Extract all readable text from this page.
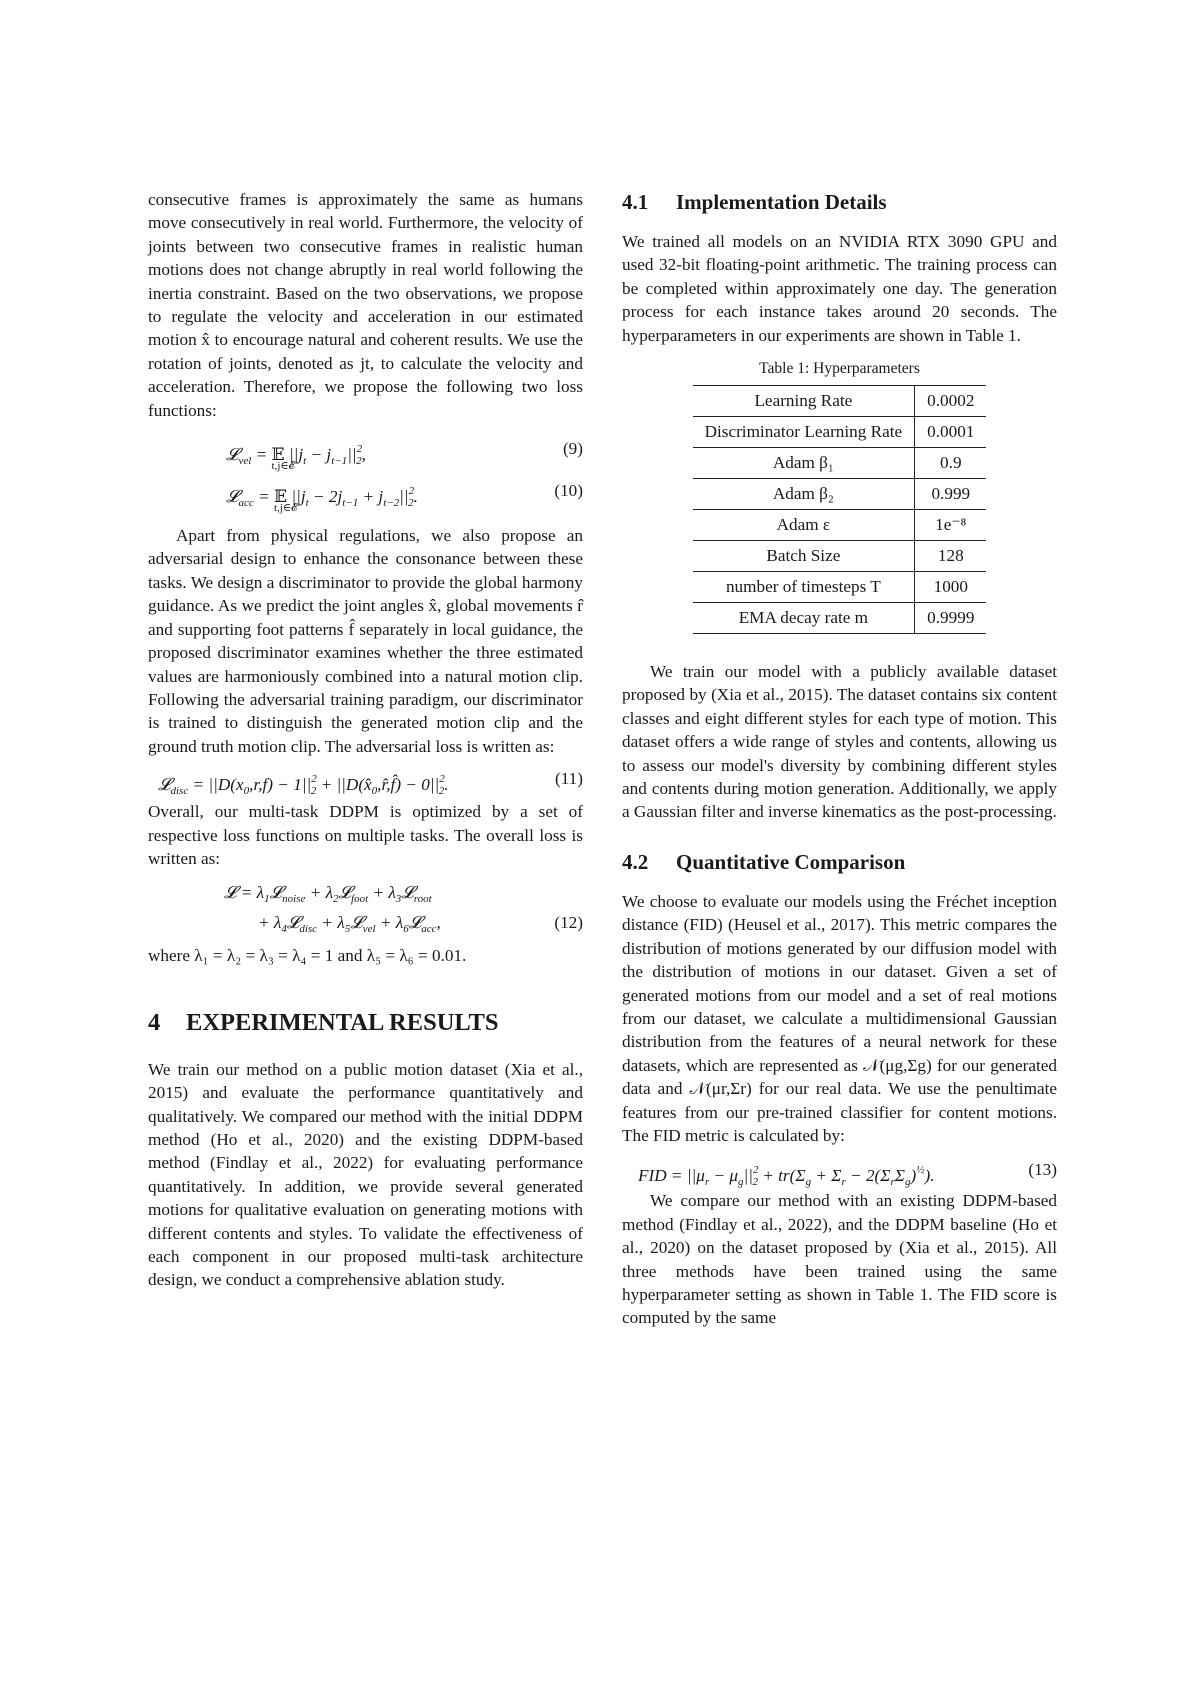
consecutive frames is approximately the same as humans move consecutively in real world. Furthermore, the velocity of joints between two consecutive frames in realistic human motions does not change abruptly in real world following the inertia constraint. Based on the two observations, we propose to regulate the velocity and acceleration in our estimated motion x̂ to encourage natural and coherent results. We use the rotation of joints, denoted as jt, to calculate the velocity and acceleration. Therefore, we propose the following two loss functions:

𝓛$_{vel}$ = 𝔼
t,j∈𝓔
$||j_t - j_{t-1}||^2_2$,	(9)
𝓛$_{acc}$ = 𝔼
t,j∈𝓔
$||j_t - 2j_{t-1} + j_{t-2}||^2_2$.	(10)

Apart from physical regulations, we also propose an adversarial design to enhance the consonance between these tasks. We design a discriminator to provide the global harmony guidance. As we predict the joint angles x̂, global movements r̂ and supporting foot patterns f̂ separately in local guidance, the proposed discriminator examines whether the three estimated values are harmoniously combined into a natural motion clip. Following the adversarial training paradigm, our discriminator is trained to distinguish the generated motion clip and the ground truth motion clip. The adversarial loss is written as:

𝓛$_{disc}$ = $||D(x_0,r,f) - 1||^2_2$ + $||D(x̂_0,r̂,f̂) - 0||^2_2$.	(11)

Overall, our multi-task DDPM is optimized by a set of respective loss functions on multiple tasks. The overall loss is written as:

𝓛 = $\lambda_1𝓛_{noise}$ + $\lambda_2𝓛_{foot}$ + $\lambda_3𝓛_{root}$
+ $\lambda_4𝓛_{disc}$ + $\lambda_5𝓛_{vel}$ + $\lambda_6𝓛_{acc}$,	(12)

where λ₁ = λ₂ = λ₃ = λ₄ = 1 and λ₅ = λ₆ = 0.01.

4 EXPERIMENTAL RESULTS

We train our method on a public motion dataset (Xia et al., 2015) and evaluate the performance quantitatively and qualitatively. We compared our method with the initial DDPM method (Ho et al., 2020) and the existing DDPM-based method (Findlay et al., 2022) for evaluating performance quantitatively. In addition, we provide several generated motions for qualitative evaluation on generating motions with different contents and styles. To validate the effectiveness of each component in our proposed multi-task architecture design, we conduct a comprehensive ablation study.

4.1 Implementation Details

We trained all models on an NVIDIA RTX 3090 GPU and used 32-bit floating-point arithmetic. The training process can be completed within approximately one day. The generation process for each instance takes around 20 seconds. The hyperparameters in our experiments are shown in Table 1.

Table 1: Hyperparameters

Learning Rate	0.0002
Discriminator Learning Rate	0.0001
Adam β₁	0.9
Adam β₂	0.999
Adam ε	1e⁻⁸
Batch Size	128
number of timesteps T	1000
EMA decay rate m	0.9999

We train our model with a publicly available dataset proposed by (Xia et al., 2015). The dataset contains six content classes and eight different styles for each type of motion. This dataset offers a wide range of styles and contents, allowing us to assess our model's diversity by combining different styles and contents during motion generation. Additionally, we apply a Gaussian filter and inverse kinematics as the post-processing.

4.2 Quantitative Comparison

We choose to evaluate our models using the Fréchet inception distance (FID) (Heusel et al., 2017). This metric compares the distribution of motions generated by our diffusion model with the distribution of motions in our dataset. Given a set of generated motions from our model and a set of real motions from our dataset, we calculate a multidimensional Gaussian distribution from the features of a neural network for these datasets, which are represented as 𝒩(μg,Σg) for our generated data and 𝒩(μr,Σr) for our real data. We use the penultimate features from our pre-trained classifier for content motions. The FID metric is calculated by:

FID = $||\mu_r - \mu_g||^2_2 + tr(\Sigma_g + \Sigma_r - 2(\Sigma_r\Sigma_g)^{\frac{1}{2}})$.	(13)

We compare our method with an existing DDPM-based method (Findlay et al., 2022), and the DDPM baseline (Ho et al., 2020) on the dataset proposed by (Xia et al., 2015). All three methods have been trained using the same hyperparameter setting as shown in Table 1. The FID score is computed by the same
